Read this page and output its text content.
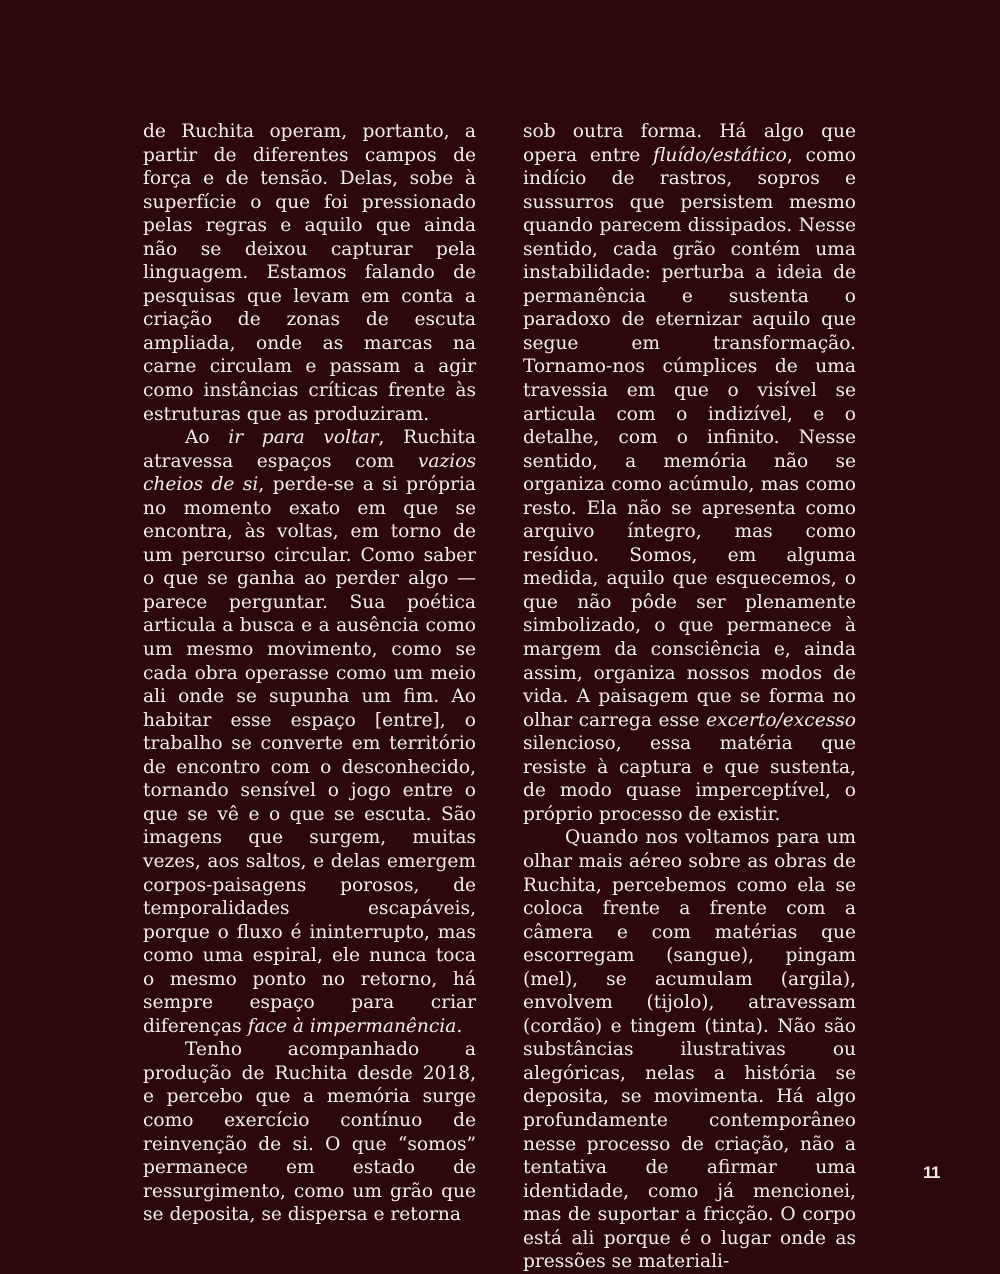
de Ruchita operam, portanto, a partir de diferentes campos de força e de tensão. Delas, sobe à superfície o que foi pressionado pelas regras e aquilo que ainda não se deixou capturar pela linguagem. Estamos falando de pesquisas que levam em conta a criação de zonas de escuta ampliada, onde as marcas na carne circulam e passam a agir como instâncias críticas frente às estruturas que as produziram.

Ao ir para voltar, Ruchita atravessa espaços com vazios cheios de si, perde-se a si própria no momento exato em que se encontra, às voltas, em torno de um percurso circular. Como saber o que se ganha ao perder algo — parece perguntar. Sua poética articula a busca e a ausência como um mesmo movimento, como se cada obra operasse como um meio ali onde se supunha um fim. Ao habitar esse espaço [entre], o trabalho se converte em território de encontro com o desconhecido, tornando sensível o jogo entre o que se vê e o que se escuta. São imagens que surgem, muitas vezes, aos saltos, e delas emergem corpos-paisagens porosos, de temporalidades escapáveis, porque o fluxo é ininterrupto, mas como uma espiral, ele nunca toca o mesmo ponto no retorno, há sempre espaço para criar diferenças face à impermanência.

Tenho acompanhado a produção de Ruchita desde 2018, e percebo que a memória surge como exercício contínuo de reinvenção de si. O que “somos” permanece em estado de ressurgimento, como um grão que se deposita, se dispersa e retorna

sob outra forma. Há algo que opera entre fluído/estático, como indício de rastros, sopros e sussurros que persistem mesmo quando parecem dissipados. Nesse sentido, cada grão contém uma instabilidade: perturba a ideia de permanência e sustenta o paradoxo de eternizar aquilo que segue em transformação. Tornamo-nos cúmplices de uma travessia em que o visível se articula com o indizível, e o detalhe, com o infinito. Nesse sentido, a memória não se organiza como acúmulo, mas como resto. Ela não se apresenta como arquivo íntegro, mas como resíduo. Somos, em alguma medida, aquilo que esquecemos, o que não pôde ser plenamente simbolizado, o que permanece à margem da consciência e, ainda assim, organiza nossos modos de vida. A paisagem que se forma no olhar carrega esse excerto/excesso silencioso, essa matéria que resiste à captura e que sustenta, de modo quase imperceptível, o próprio processo de existir.

Quando nos voltamos para um olhar mais aéreo sobre as obras de Ruchita, percebemos como ela se coloca frente a frente com a câmera e com matérias que escorregam (sangue), pingam (mel), se acumulam (argila), envolvem (tijolo), atravessam (cordão) e tingem (tinta). Não são substâncias ilustrativas ou alegóricas, nelas a história se deposita, se movimenta. Há algo profundamente contemporâneo nesse processo de criação, não a tentativa de afirmar uma identidade, como já mencionei, mas de suportar a fricção. O corpo está ali porque é o lugar onde as pressões se materiali-

11
